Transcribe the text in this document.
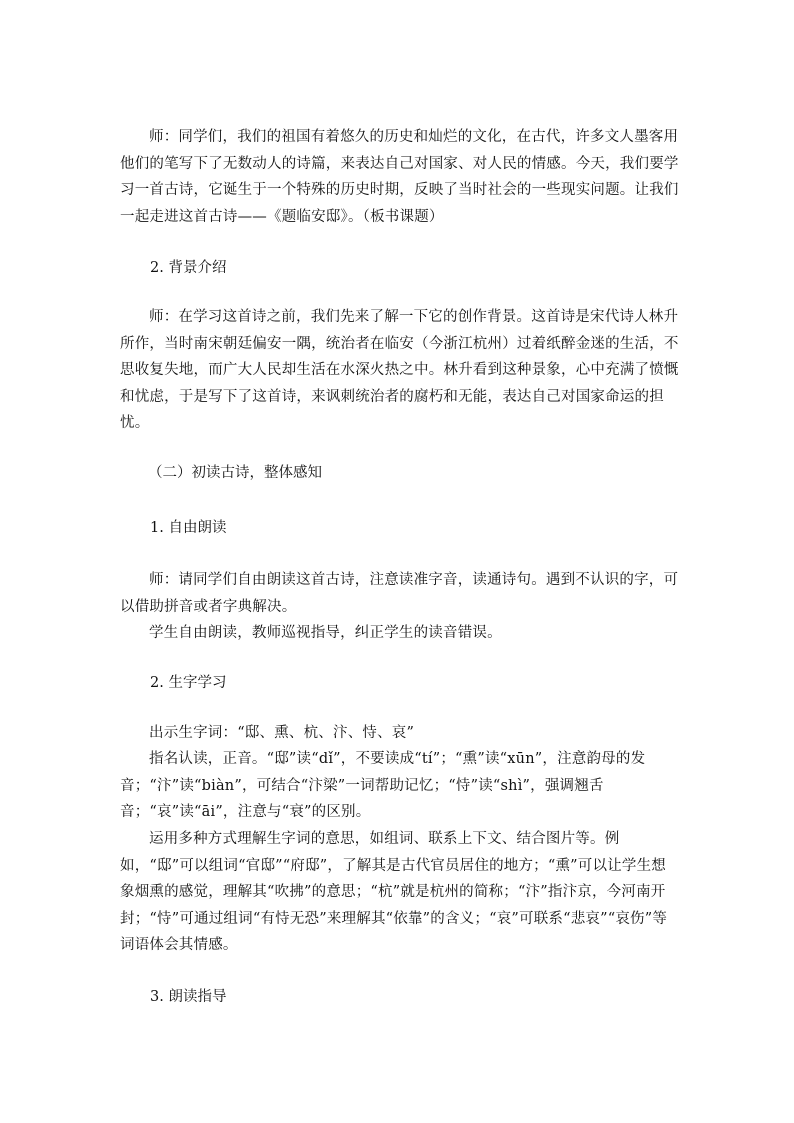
师：同学们，我们的祖国有着悠久的历史和灿烂的文化，在古代，许多文人墨客用他们的笔写下了无数动人的诗篇，来表达自己对国家、对人民的情感。今天，我们要学习一首古诗，它诞生于一个特殊的历史时期，反映了当时社会的一些现实问题。让我们一起走进这首古诗——《题临安邸》。（板书课题）
2. 背景介绍
师：在学习这首诗之前，我们先来了解一下它的创作背景。这首诗是宋代诗人林升所作，当时南宋朝廷偏安一隅，统治者在临安（今浙江杭州）过着纸醉金迷的生活，不思收复失地，而广大人民却生活在水深火热之中。林升看到这种景象，心中充满了愤慨和忧虑，于是写下了这首诗，来讽刺统治者的腐朽和无能，表达自己对国家命运的担忧。
（二）初读古诗，整体感知
1. 自由朗读
师：请同学们自由朗读这首古诗，注意读准字音，读通诗句。遇到不认识的字，可以借助拼音或者字典解决。
学生自由朗读，教师巡视指导，纠正学生的读音错误。
2. 生字学习
出示生字词：“邸、熏、杭、汴、恃、哀”
指名认读，正音。“邸”读“dǐ”，不要读成“tí”；“熏”读“xūn”，注意韵母的发音；“汴”读“biàn”，可结合“汴梁”一词帮助记忆；“恃”读“shì”，强调翘舌音；“哀”读“āi”，注意与“衰”的区别。
运用多种方式理解生字词的意思，如组词、联系上下文、结合图片等。例如，“邸”可以组词“官邸”“府邸”，了解其是古代官员居住的地方；“熏”可以让学生想象烟熏的感觉，理解其“吹拂”的意思；“杭”就是杭州的简称；“汴”指汴京，今河南开封；“恃”可通过组词“有恃无恐”来理解其“依靠”的含义；“哀”可联系“悲哀”“哀伤”等词语体会其情感。
3. 朗读指导
